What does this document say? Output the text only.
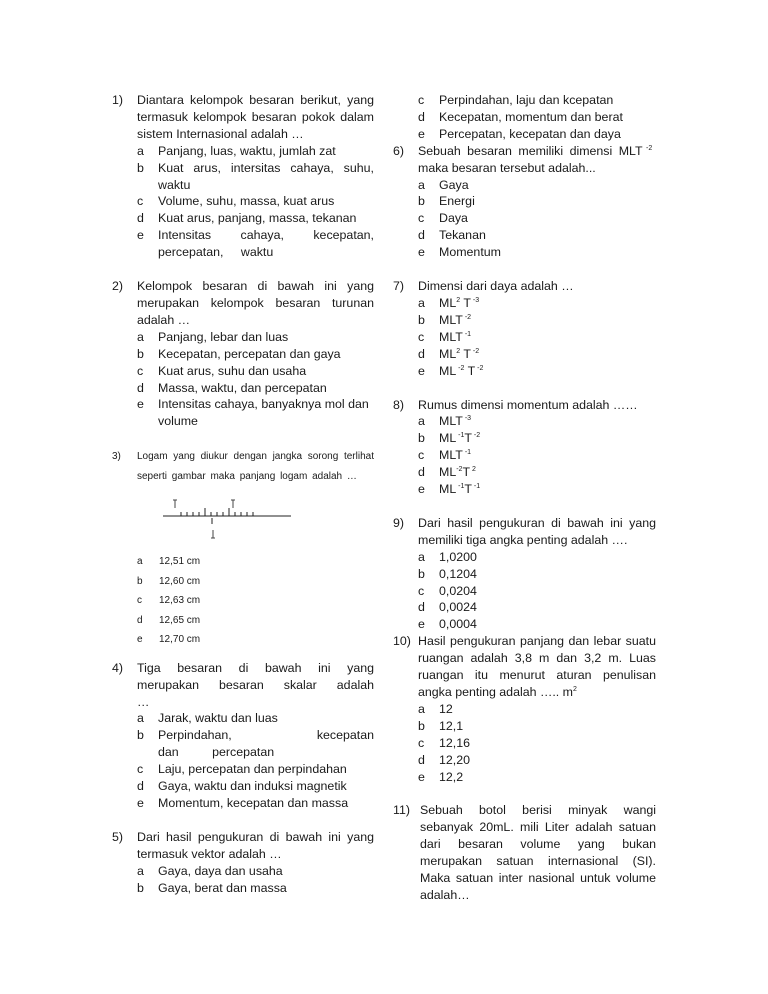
1) Diantara kelompok besaran berikut, yang termasuk kelompok besaran pokok dalam sistem Internasional adalah …
a Panjang, luas, waktu, jumlah zat
b Kuat arus, intersitas cahaya, suhu, waktu
c Volume, suhu, massa, kuat arus
d Kuat arus, panjang, massa, tekanan
e Intensitas cahaya, kecepatan, percepatan, waktu
2) Kelompok besaran di bawah ini yang merupakan kelompok besaran turunan adalah …
a Panjang, lebar dan luas
b Kecepatan, percepatan dan gaya
c Kuat arus, suhu dan usaha
d Massa, waktu, dan percepatan
e Intensitas cahaya, banyaknya mol dan volume
3) Logam yang diukur dengan jangka sorong terlihat seperti gambar maka panjang logam adalah …
a 12,51 cm
b 12,60 cm
c 12,63 cm
d 12,65 cm
e 12,70 cm
4) Tiga besaran di bawah ini yang merupakan besaran skalar adalah …
a Jarak, waktu dan luas
b Perpindahan, kecepatan dan percepatan
c Laju, percepatan dan perpindahan
d Gaya, waktu dan induksi magnetik
e Momentum, kecepatan dan massa
5) Dari hasil pengukuran di bawah ini yang termasuk vektor adalah …
a Gaya, daya dan usaha
b Gaya, berat dan massa
c Perpindahan, laju dan kcepatan
d Kecepatan, momentum dan berat
e Percepatan, kecepatan dan daya
6) Sebuah besaran memiliki dimensi MLT $^{-2}$
maka besaran tersebut adalah...
a Gaya
b Energi
c Daya
d Tekanan
e Momentum
7) Dimensi dari daya adalah …
a $ML^2$ T $^{-3}$
b MLT $^{-2}$
c MLT $^{-1}$
d $ML^2$ T $^{-2}$
e ML $^{-2}$ T $^{-2}$
8) Rumus dimensi momentum adalah ……
a MLT $^{-3}$
b ML $^{-1}$T $^{-2}$
c MLT $^{-1}$
d $ML^{-2}T$ $^2$
e ML $^{-1}$T $^{-1}$
9) Dari hasil pengukuran di bawah ini yang memiliki tiga angka penting adalah ….
a 1,0200
b 0,1204
c 0,0204
d 0,0024
e 0,0004
10) Hasil pengukuran panjang dan lebar suatu ruangan adalah 3,8 m dan 3,2 m. Luas ruangan itu menurut aturan penulisan angka penting adalah ….. $m^2$
a 12
b 12,1
c 12,16
d 12,20
e 12,2
11) Sebuah botol berisi minyak wangi sebanyak 20mL. mili Liter adalah satuan dari besaran volume yang bukan merupakan satuan internasional (SI). Maka satuan inter nasional untuk volume adalah…
